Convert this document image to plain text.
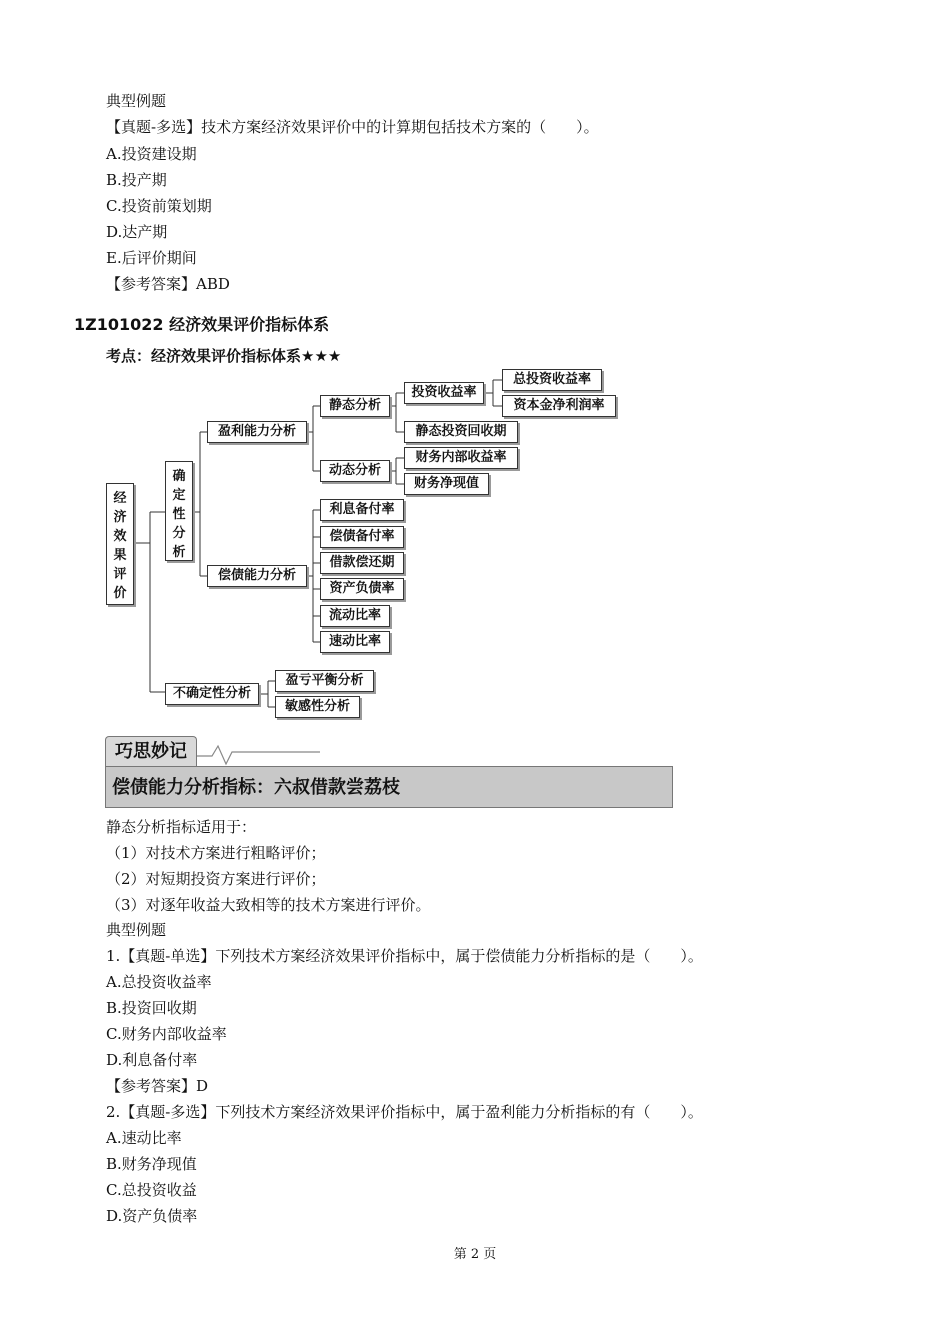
典型例题
【真题-多选】技术方案经济效果评价中的计算期包括技术方案的（　　）。
A.投资建设期
B.投产期
C.投资前策划期
D.达产期
E.后评价期间
【参考答案】ABD
1Z101022 经济效果评价指标体系
考点：经济效果评价指标体系★★★
经
济
效
果
评
价
确
定
性
分
析
盈利能力分析
静态分析
投资收益率
总投资收益率
资本金净利润率
静态投资回收期
动态分析
财务内部收益率
财务净现值
偿债能力分析
利息备付率
偿债备付率
借款偿还期
资产负债率
流动比率
速动比率
不确定性分析
盈亏平衡分析
敏感性分析
巧思妙记
偿债能力分析指标：六叔借款尝荔枝
静态分析指标适用于：
（1）对技术方案进行粗略评价；
（2）对短期投资方案进行评价；
（3）对逐年收益大致相等的技术方案进行评价。
典型例题
1.【真题-单选】下列技术方案经济效果评价指标中，属于偿债能力分析指标的是（　　）。
A.总投资收益率
B.投资回收期
C.财务内部收益率
D.利息备付率
【参考答案】D
2.【真题-多选】下列技术方案经济效果评价指标中，属于盈利能力分析指标的有（　　）。
A.速动比率
B.财务净现值
C.总投资收益
D.资产负债率
第 2 页
